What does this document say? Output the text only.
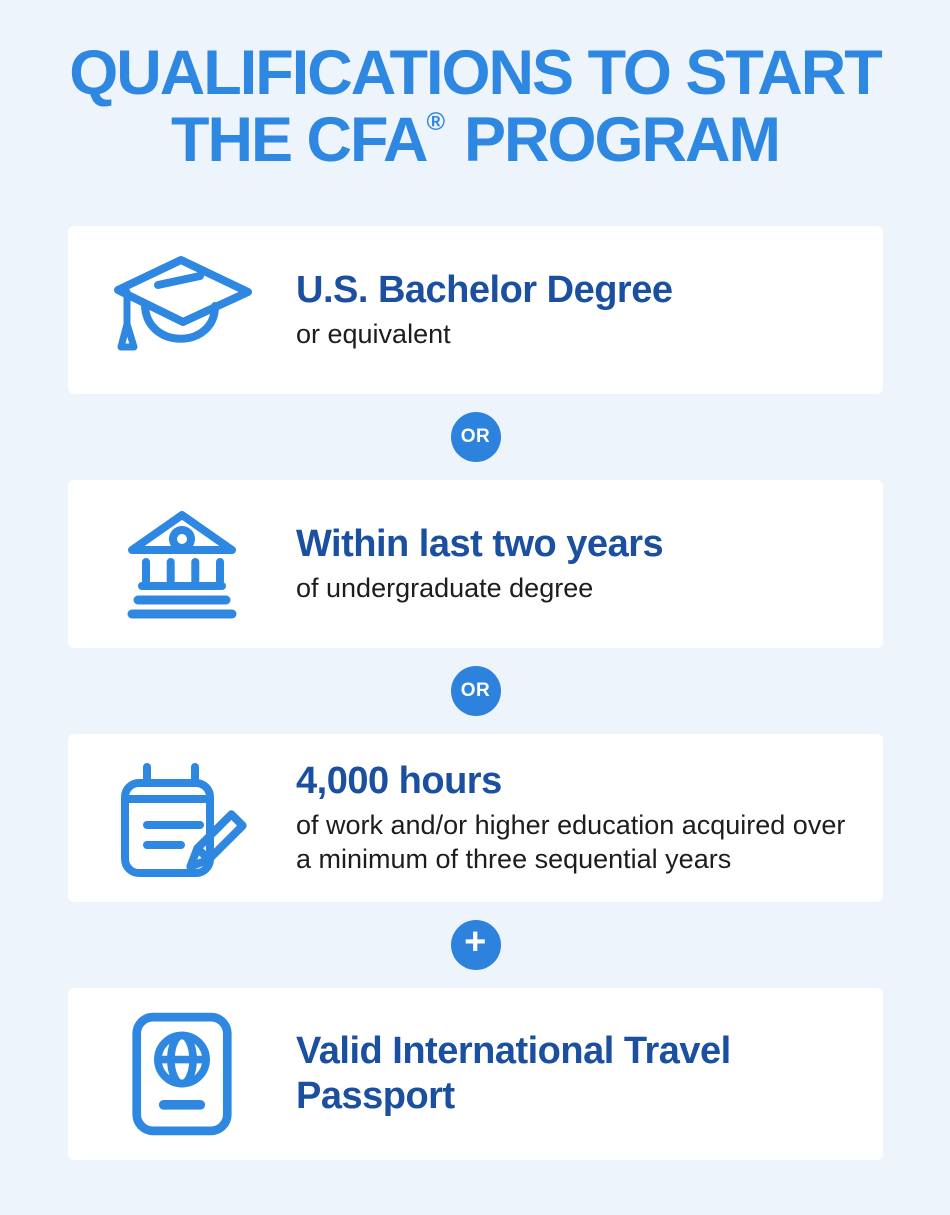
QUALIFICATIONS TO START
THE CFA® PROGRAM
U.S. Bachelor Degree
or equivalent
OR
Within last two years
of undergraduate degree
OR
4,000 hours
of work and/or higher education acquired over a minimum of three sequential years
+
Valid International Travel Passport
